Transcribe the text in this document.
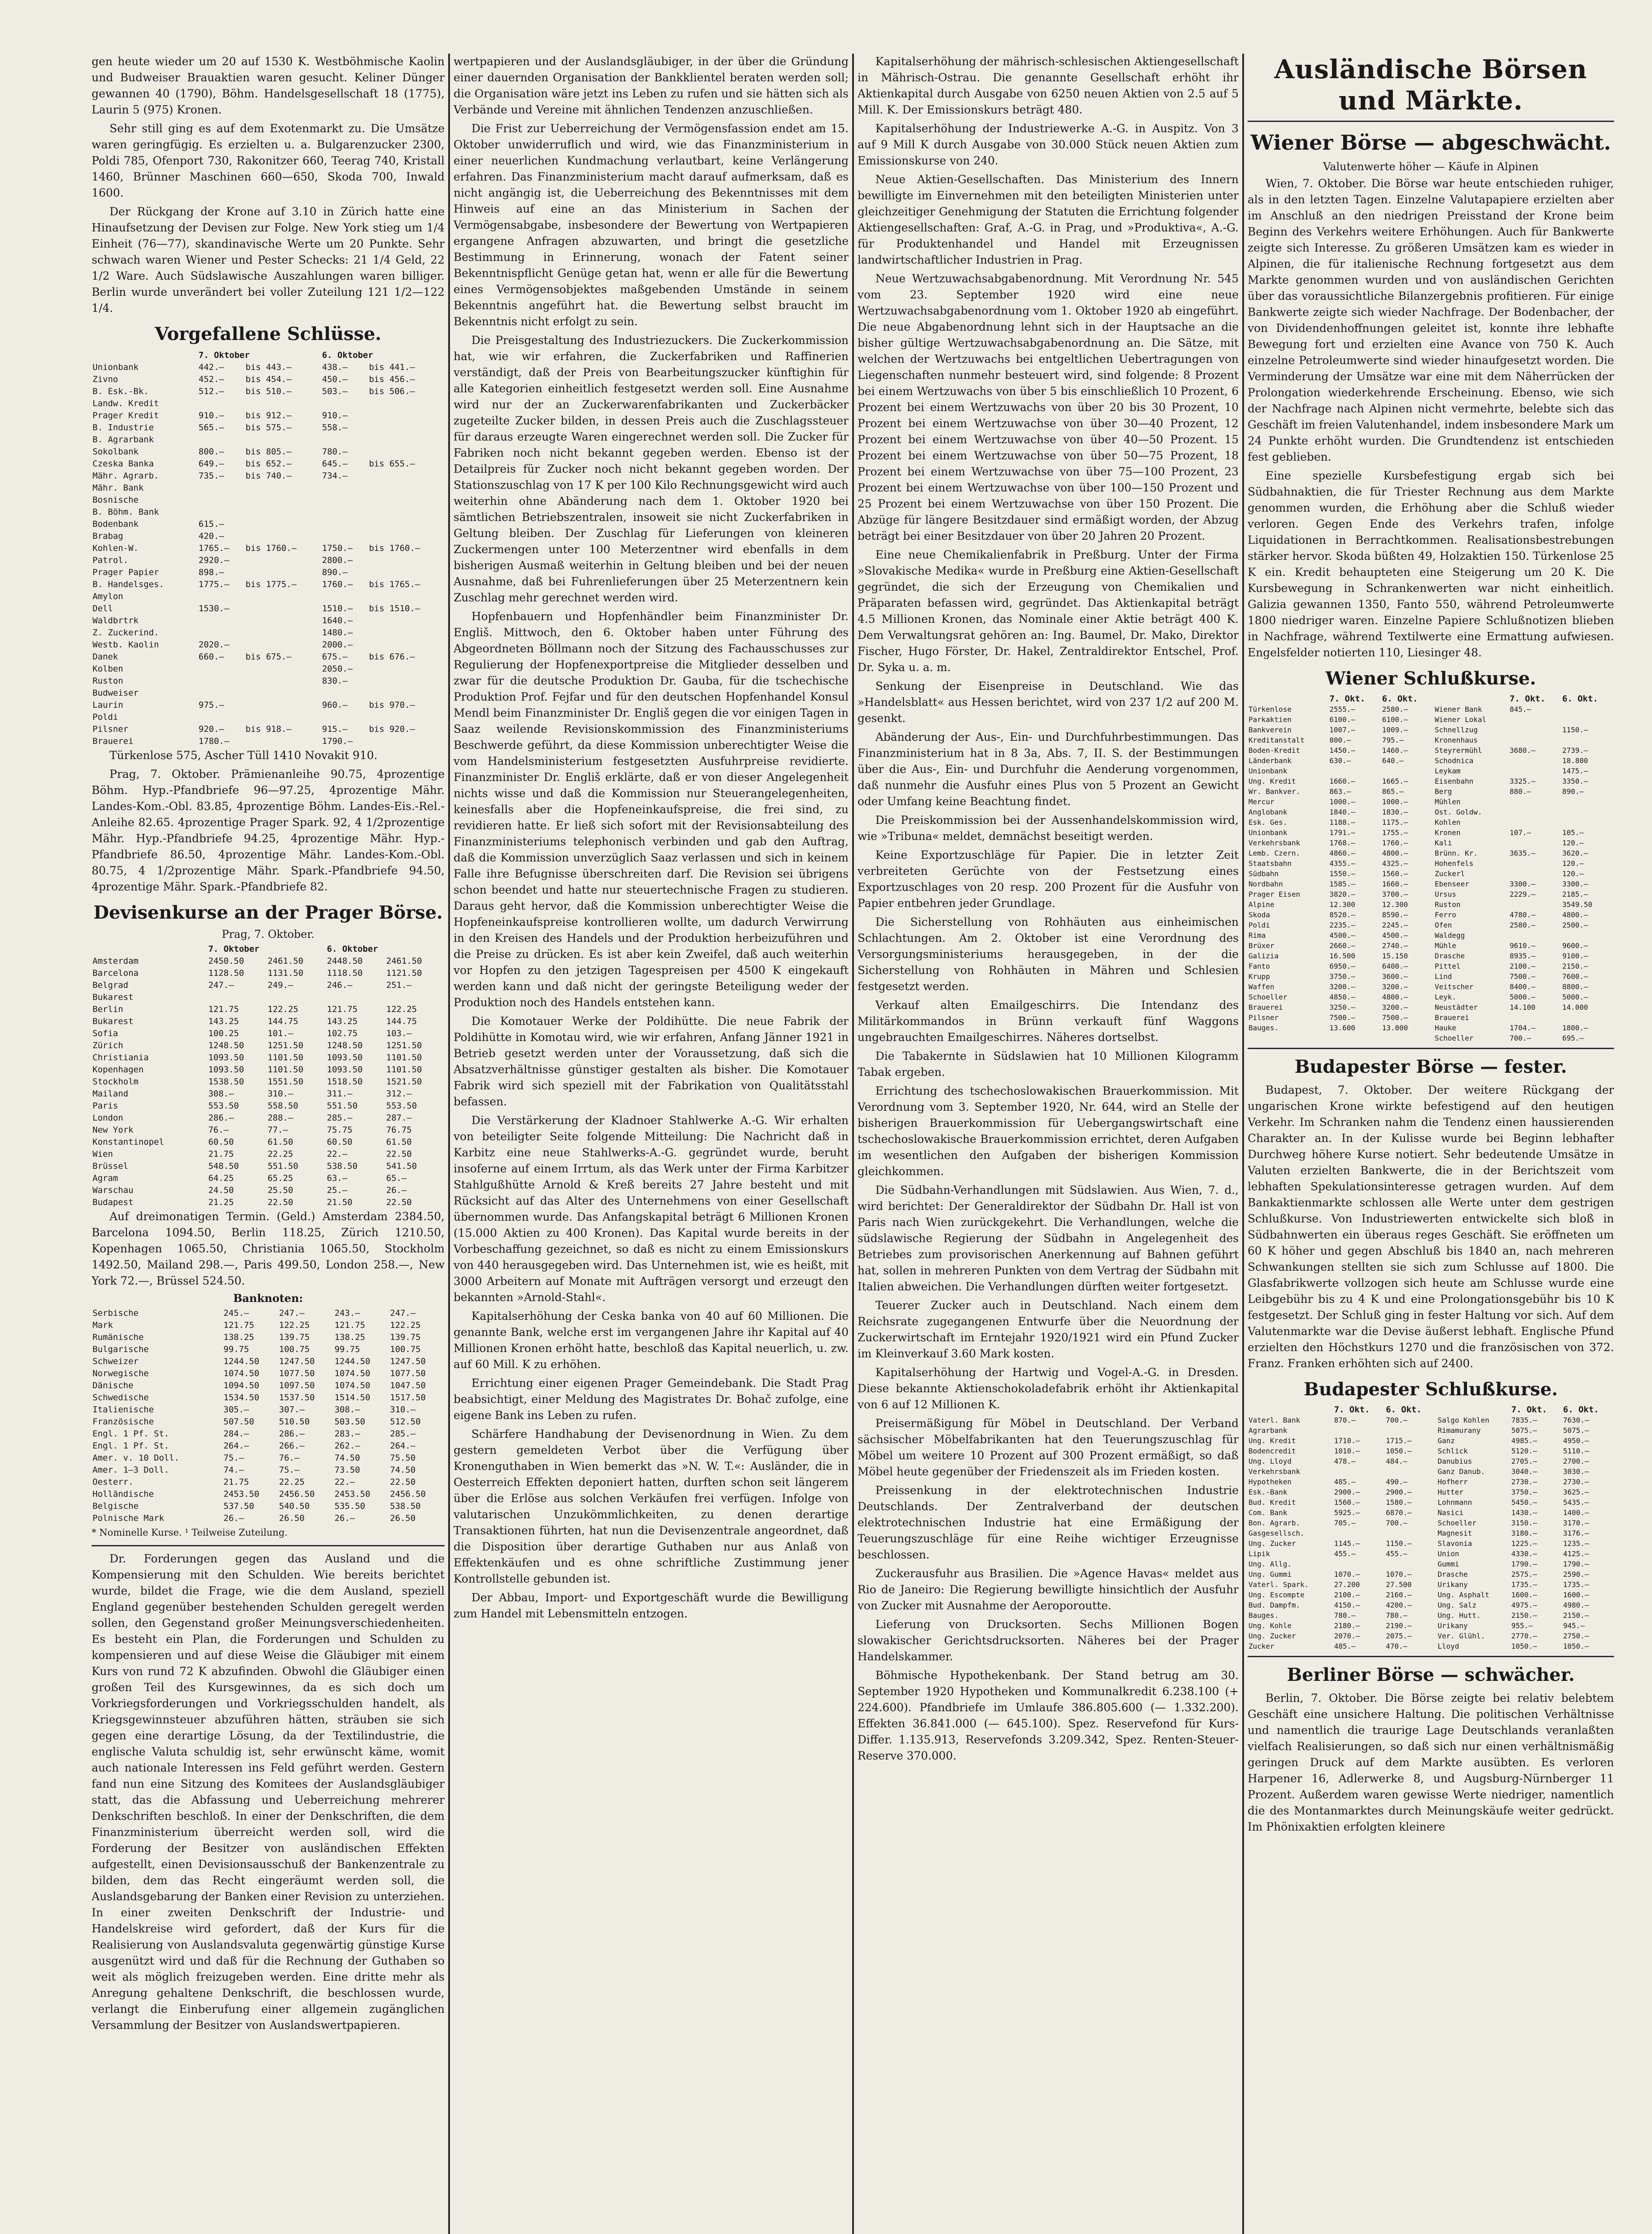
gen heute wieder um 20 auf 1530 K. Westböhmische Kaolin und Budweiser Brauaktien waren gesucht. Keliner Dünger gewannen 40 (1790), Böhm. Handelsgesellschaft 18 (1775), Laurin 5 (975) Kronen.

Sehr still ging es auf dem Exotenmarkt zu. Die Umsätze waren geringfügig. Es erzielten u. a. Bulgarenzucker 2300, Poldi 785, Ofenport 730, Rakonitzer 660, Teerag 740, Kristall 1460, Brünner Maschinen 660—650, Skoda 700, Inwald 1600.

Der Rückgang der Krone auf 3.10 in Zürich hatte eine Hinaufsetzung der Devisen zur Folge. New York stieg um 1/4 Einheit (76—77), skandinavische Werte um 20 Punkte. Sehr schwach waren Wiener und Pester Schecks: 21 1/4 Geld, 22 1/2 Ware. Auch Südslawische Auszahlungen waren billiger. Berlin wurde unverändert bei voller Zuteilung 121 1/2—122 1/4.

Vorgefallene Schlüsse.
	7. Oktober		6. Oktober	
Unionbank	442.—	bis 443.—	438.—	bis 441.—
Zivno	452.—	bis 454.—	450.—	bis 456.—
B. Esk.-Bk.	512.—	bis 510.—	503.—	bis 506.—
Landw. Kredit				
Prager Kredit	910.—	bis 912.—	910.—	
B. Industrie	565.—	bis 575.—	558.—	
B. Agrarbank				
Sokolbank	800.—	bis 805.—	780.—	
Czeska Banka	649.—	bis 652.—	645.—	bis 655.—
Mähr. Agrarb.	735.—	bis 740.—	734.—	
Mähr. Bank				
Bosnische				
B. Böhm. Bank				
Bodenbank	615.—			
Brabag	420.—			
Kohlen-W.	1765.—	bis 1760.—	1750.—	bis 1760.—
Patrol.	2920.—		2800.—	
Prager Papier	898.—		890.—	
B. Handelsges.	1775.—	bis 1775.—	1760.—	bis 1765.—
Amylon				
Dell	1530.—		1510.—	bis 1510.—
Waldbrtrk			1640.—	
Z. Zuckerind.			1480.—	
Westb. Kaolin	2020.—		2000.—	
Danek	660.—	bis 675.—	675.—	bis 676.—
Kolben			2050.—	
Ruston			830.—	
Budweiser				
Laurin	975.—		960.—	bis 970.—
Poldi				
Pilsner	920.—	bis 918.—	915.—	bis 920.—
Brauerei	1780.—		1790.—	

Türkenlose 575, Ascher Tüll 1410 Novakit 910.

Prag, 7. Oktober. Prämienanleihe 90.75, 4prozentige Böhm. Hyp.-Pfandbriefe 96—97.25, 4prozentige Mähr. Landes-Kom.-Obl. 83.85, 4prozentige Böhm. Landes-Eis.-Rel.-Anleihe 82.65. 4prozentige Prager Spark. 92, 4 1/2prozentige Mähr. Hyp.-Pfandbriefe 94.25, 4prozentige Mähr. Hyp.-Pfandbriefe 86.50, 4prozentige Mähr. Landes-Kom.-Obl. 80.75, 4 1/2prozentige Mähr. Spark.-Pfandbriefe 94.50, 4prozentige Mähr. Spark.-Pfandbriefe 82.

Devisenkurse an der Prager Börse.
Prag, 7. Oktober.
	7. Oktober		6. Oktober	
Amsterdam	2450.50	2461.50	2448.50	2461.50
Barcelona	1128.50	1131.50	1118.50	1121.50
Belgrad	247.—	249.—	246.—	251.—
Bukarest				
Berlin	121.75	122.25	121.75	122.25
Bukarest	143.25	144.75	143.25	144.75
Sofia	100.25	101.—	102.75	103.—
Zürich	1248.50	1251.50	1248.50	1251.50
Christiania	1093.50	1101.50	1093.50	1101.50
Kopenhagen	1093.50	1101.50	1093.50	1101.50
Stockholm	1538.50	1551.50	1518.50	1521.50
Mailand	308.—	310.—	311.—	312.—
Paris	553.50	558.50	551.50	553.50
London	286.—	288.—	285.—	287.—
New York	76.—	77.—	75.75	76.75
Konstantinopel	60.50	61.50	60.50	61.50
Wien	21.75	22.25	22.—	22.50
Brüssel	548.50	551.50	538.50	541.50
Agram	64.25	65.25	63.—	65.—
Warschau	24.50	25.50	25.—	26.—
Budapest	21.25	22.50	21.50	22.50

Auf dreimonatigen Termin. (Geld.) Amsterdam 2384.50, Barcelona 1094.50, Berlin 118.25, Zürich 1210.50, Kopenhagen 1065.50, Christiania 1065.50, Stockholm 1492.50, Mailand 298.—, Paris 499.50, London 258.—, New York 72.—, Brüssel 524.50.

Banknoten:
Serbische	245.—	247.—	243.—	247.—
Mark	121.75	122.25	121.75	122.25
Rumänische	138.25	139.75	138.25	139.75
Bulgarische	99.75	100.75	99.75	100.75
Schweizer	1244.50	1247.50	1244.50	1247.50
Norwegische	1074.50	1077.50	1074.50	1077.50
Dänische	1094.50	1097.50	1074.50	1047.50
Schwedische	1534.50	1537.50	1514.50	1517.50
Italienische	305.—	307.—	308.—	310.—
Französische	507.50	510.50	503.50	512.50
Engl. 1 Pf. St.	284.—	286.—	283.—	285.—
Engl. 1 Pf. St.	264.—	266.—	262.—	264.—
Amer. v. 10 Doll.	75.—	76.—	74.50	75.50
Amer. 1—3 Doll.	74.—	75.—	73.50	74.50
Oesterr.	21.75	22.25	22.—	22.50
Holländische	2453.50	2456.50	2453.50	2456.50
Belgische	537.50	540.50	535.50	538.50
Polnische Mark	26.—	26.50	26.—	26.50

* Nominelle Kurse. ¹ Teilweise Zuteilung.

Dr. Forderungen gegen das Ausland und die Kompensierung mit den Schulden. Wie bereits berichtet wurde, bildet die Frage, wie die dem Ausland, speziell England gegenüber bestehenden Schulden geregelt werden sollen, den Gegenstand großer Meinungsverschiedenheiten. Es besteht ein Plan, die Forderungen und Schulden zu kompensieren und auf diese Weise die Gläubiger mit einem Kurs von rund 72 K abzufinden. Obwohl die Gläubiger einen großen Teil des Kursgewinnes, da es sich doch um Vorkriegsforderungen und Vorkriegsschulden handelt, als Kriegsgewinnsteuer abzuführen hätten, sträuben sie sich gegen eine derartige Lösung, da der Textilindustrie, die englische Valuta schuldig ist, sehr erwünscht käme, womit auch nationale Interessen ins Feld geführt werden. Gestern fand nun eine Sitzung des Komitees der Auslandsgläubiger statt, das die Abfassung und Ueberreichung mehrerer Denkschriften beschloß. In einer der Denkschriften, die dem Finanzministerium überreicht werden soll, wird die Forderung der Besitzer von ausländischen Effekten aufgestellt, einen Devisionsausschuß der Bankenzentrale zu bilden, dem das Recht eingeräumt werden soll, die Auslandsgebarung der Banken einer Revision zu unterziehen. In einer zweiten Denkschrift der Industrie- und Handelskreise wird gefordert, daß der Kurs für die Realisierung von Auslandsvaluta gegenwärtig günstige Kurse ausgenützt wird und daß für die Rechnung der Guthaben so weit als möglich freizugeben werden. Eine dritte mehr als Anregung gehaltene Denkschrift, die beschlossen wurde, verlangt die Einberufung einer allgemein zugänglichen Versammlung der Besitzer von Auslandswertpapieren.

wertpapieren und der Auslandsgläubiger, in der über die Gründung einer dauernden Organisation der Bankklientel beraten werden soll; die Organisation wäre jetzt ins Leben zu rufen und sie hätten sich als Verbände und Vereine mit ähnlichen Tendenzen anzuschließen.

Die Frist zur Ueberreichung der Vermögensfassion endet am 15. Oktober unwiderruflich und wird, wie das Finanzministerium in einer neuerlichen Kundmachung verlautbart, keine Verlängerung erfahren. Das Finanzministerium macht darauf aufmerksam, daß es nicht angängig ist, die Ueberreichung des Bekenntnisses mit dem Hinweis auf eine an das Ministerium in Sachen der Vermögensabgabe, insbesondere der Bewertung von Wertpapieren ergangene Anfragen abzuwarten, und bringt die gesetzliche Bestimmung in Erinnerung, wonach der Fatent seiner Bekenntnispflicht Genüge getan hat, wenn er alle für die Bewertung eines Vermögensobjektes maßgebenden Umstände in seinem Bekenntnis angeführt hat. die Bewertung selbst braucht im Bekenntnis nicht erfolgt zu sein.

Die Preisgestaltung des Industriezuckers. Die Zuckerkommission hat, wie wir erfahren, die Zuckerfabriken und Raffinerien verständigt, daß der Preis von Bearbeitungszucker künftighin für alle Kategorien einheitlich festgesetzt werden soll. Eine Ausnahme wird nur der an Zuckerwarenfabrikanten und Zuckerbäcker zugeteilte Zucker bilden, in dessen Preis auch die Zuschlagssteuer für daraus erzeugte Waren eingerechnet werden soll. Die Zucker für Fabriken noch nicht bekannt gegeben werden. Ebenso ist der Detailpreis für Zucker noch nicht bekannt gegeben worden. Der Stationszuschlag von 17 K per 100 Kilo Rechnungsgewicht wird auch weiterhin ohne Abänderung nach dem 1. Oktober 1920 bei sämtlichen Betriebszentralen, insoweit sie nicht Zuckerfabriken in Geltung bleiben. Der Zuschlag für Lieferungen von kleineren Zuckermengen unter 100 Meterzentner wird ebenfalls in dem bisherigen Ausmaß weiterhin in Geltung bleiben und bei der neuen Ausnahme, daß bei Fuhrenlieferungen über 25 Meterzentnern kein Zuschlag mehr gerechnet werden wird.

Hopfenbauern und Hopfenhändler beim Finanzminister Dr. Engliš. Mittwoch, den 6. Oktober haben unter Führung des Abgeordneten Böllmann noch der Sitzung des Fachausschusses zur Regulierung der Hopfenexportpreise die Mitglieder desselben und zwar für die deutsche Produktion Dr. Gauba, für die tschechische Produktion Prof. Fejfar und für den deutschen Hopfenhandel Konsul Mendl beim Finanzminister Dr. Engliš gegen die vor einigen Tagen in Saaz weilende Revisionskommission des Finanzministeriums Beschwerde geführt, da diese Kommission unberechtigter Weise die vom Handelsministerium festgesetzten Ausfuhrpreise revidierte. Finanzminister Dr. Engliš erklärte, daß er von dieser Angelegenheit nichts wisse und daß die Kommission nur Steuerangelegenheiten, keinesfalls aber die Hopfeneinkaufspreise, die frei sind, zu revidieren hatte. Er ließ sich sofort mit der Revisionsabteilung des Finanzministeriums telephonisch verbinden und gab den Auftrag, daß die Kommission unverzüglich Saaz verlassen und sich in keinem Falle ihre Befugnisse überschreiten darf. Die Revision sei übrigens schon beendet und hatte nur steuertechnische Fragen zu studieren. Daraus geht hervor, daß die Kommission unberechtigter Weise die Hopfeneinkaufspreise kontrollieren wollte, um dadurch Verwirrung in den Kreisen des Handels und der Produktion herbeizuführen und die Preise zu drücken. Es ist aber kein Zweifel, daß auch weiterhin vor Hopfen zu den jetzigen Tagespreisen per 4500 K eingekauft werden kann und daß nicht der geringste Beteiligung weder der Produktion noch des Handels entstehen kann.

Die Komotauer Werke der Poldihütte. Die neue Fabrik der Poldihütte in Komotau wird, wie wir erfahren, Anfang Jänner 1921 in Betrieb gesetzt werden unter der Voraussetzung, daß sich die Absatzverhältnisse günstiger gestalten als bisher. Die Komotauer Fabrik wird sich speziell mit der Fabrikation von Qualitätsstahl befassen.

Die Verstärkerung der Kladnoer Stahlwerke A.-G. Wir erhalten von beteiligter Seite folgende Mitteilung: Die Nachricht daß in Karbitz eine neue Stahlwerks-A.-G. gegründet wurde, beruht insoferne auf einem Irrtum, als das Werk unter der Firma Karbitzer Stahlgußhütte Arnold & Kreß bereits 27 Jahre besteht und mit Rücksicht auf das Alter des Unternehmens von einer Gesellschaft übernommen wurde. Das Anfangskapital beträgt 6 Millionen Kronen (15.000 Aktien zu 400 Kronen). Das Kapital wurde bereits in der Vorbeschaffung gezeichnet, so daß es nicht zu einem Emissionskurs von 440 herausgegeben wird. Das Unternehmen ist, wie es heißt, mit 3000 Arbeitern auf Monate mit Aufträgen versorgt und erzeugt den bekannten »Arnold-Stahl«.

Kapitalserhöhung der Ceska banka von 40 auf 60 Millionen. Die genannte Bank, welche erst im vergangenen Jahre ihr Kapital auf 40 Millionen Kronen erhöht hatte, beschloß das Kapital neuerlich, u. zw. auf 60 Mill. K zu erhöhen.

Errichtung einer eigenen Prager Gemeindebank. Die Stadt Prag beabsichtigt, einer Meldung des Magistrates Dr. Bohač zufolge, eine eigene Bank ins Leben zu rufen.

Schärfere Handhabung der Devisenordnung in Wien. Zu dem gestern gemeldeten Verbot über die Verfügung über Kronenguthaben in Wien bemerkt das »N. W. T.«: Ausländer, die in Oesterreich Effekten deponiert hatten, durften schon seit längerem über die Erlöse aus solchen Verkäufen frei verfügen. Infolge von valutarischen Unzukömmlichkeiten, zu denen derartige Transaktionen führten, hat nun die Devisenzentrale angeordnet, daß die Disposition über derartige Guthaben nur aus Anlaß von Effektenkäufen und es ohne schriftliche Zustimmung jener Kontrollstelle gebunden ist.

Der Abbau, Import- und Exportgeschäft wurde die Bewilligung zum Handel mit Lebensmitteln entzogen.

Kapitalserhöhung der mährisch-schlesischen Aktiengesellschaft in Mährisch-Ostrau. Die genannte Gesellschaft erhöht ihr Aktienkapital durch Ausgabe von 6250 neuen Aktien von 2.5 auf 5 Mill. K. Der Emissionskurs beträgt 480.

Kapitalserhöhung der Industriewerke A.-G. in Auspitz. Von 3 auf 9 Mill K durch Ausgabe von 30.000 Stück neuen Aktien zum Emissionskurse von 240.

Neue Aktien-Gesellschaften. Das Ministerium des Innern bewilligte im Einvernehmen mit den beteiligten Ministerien unter gleichzeitiger Genehmigung der Statuten die Errichtung folgender Aktiengesellschaften: Graf, A.-G. in Prag, und »Produktiva«, A.-G. für Produktenhandel und Handel mit Erzeugnissen landwirtschaftlicher Industrien in Prag.

Neue Wertzuwachsabgabenordnung. Mit Verordnung Nr. 545 vom 23. September 1920 wird eine neue Wertzuwachsabgabenordnung vom 1. Oktober 1920 ab eingeführt. Die neue Abgabenordnung lehnt sich in der Hauptsache an die bisher gültige Wertzuwachsabgabenordnung an. Die Sätze, mit welchen der Wertzuwachs bei entgeltlichen Uebertragungen von Liegenschaften nunmehr besteuert wird, sind folgende: 8 Prozent bei einem Wertzuwachs von über 5 bis einschließlich 10 Prozent, 6 Prozent bei einem Wertzuwachs von über 20 bis 30 Prozent, 10 Prozent bei einem Wertzuwachse von über 30—40 Prozent, 12 Prozent bei einem Wertzuwachse von über 40—50 Prozent. 15 Prozent bei einem Wertzuwachse von über 50—75 Prozent, 18 Prozent bei einem Wertzuwachse von über 75—100 Prozent, 23 Prozent bei einem Wertzuwachse von über 100—150 Prozent und 25 Prozent bei einem Wertzuwachse von über 150 Prozent. Die Abzüge für längere Besitzdauer sind ermäßigt worden, der Abzug beträgt bei einer Besitzdauer von über 20 Jahren 20 Prozent.

Eine neue Chemikalienfabrik in Preßburg. Unter der Firma »Slovakische Medika« wurde in Preßburg eine Aktien-Gesellschaft gegründet, die sich der Erzeugung von Chemikalien und Präparaten befassen wird, gegründet. Das Aktienkapital beträgt 4.5 Millionen Kronen, das Nominale einer Aktie beträgt 400 K. Dem Verwaltungsrat gehören an: Ing. Baumel, Dr. Mako, Direktor Fischer, Hugo Förster, Dr. Hakel, Zentraldirektor Entschel, Prof. Dr. Syka u. a. m.

Senkung der Eisenpreise in Deutschland. Wie das »Handelsblatt« aus Hessen berichtet, wird von 237 1/2 auf 200 M. gesenkt.

Abänderung der Aus-, Ein- und Durchfuhrbestimmungen. Das Finanzministerium hat in 8 3a, Abs. 7, II. S. der Bestimmungen über die Aus-, Ein- und Durchfuhr die Aenderung vorgenommen, daß nunmehr die Ausfuhr eines Plus von 5 Prozent an Gewicht oder Umfang keine Beachtung findet.

Die Preiskommission bei der Aussenhandelskommission wird, wie »Tribuna« meldet, demnächst beseitigt werden.

Keine Exportzuschläge für Papier. Die in letzter Zeit verbreiteten Gerüchte von der Festsetzung eines Exportzuschlages von 20 resp. 200 Prozent für die Ausfuhr von Papier entbehren jeder Grundlage.

Die Sicherstellung von Rohhäuten aus einheimischen Schlachtungen. Am 2. Oktober ist eine Verordnung des Versorgungsministeriums herausgegeben, in der die Sicherstellung von Rohhäuten in Mähren und Schlesien festgesetzt werden.

Verkauf alten Emailgeschirrs. Die Intendanz des Militärkommandos in Brünn verkauft fünf Waggons ungebrauchten Emailgeschirres. Näheres dortselbst.

Die Tabakernte in Südslawien hat 10 Millionen Kilogramm Tabak ergeben.

Errichtung des tschechoslowakischen Brauerkommission. Mit Verordnung vom 3. September 1920, Nr. 644, wird an Stelle der bisherigen Brauerkommission für Uebergangswirtschaft eine tschechoslowakische Brauerkommission errichtet, deren Aufgaben im wesentlichen den Aufgaben der bisherigen Kommission gleichkommen.

Die Südbahn-Verhandlungen mit Südslawien. Aus Wien, 7. d., wird berichtet: Der Generaldirektor der Südbahn Dr. Hall ist von Paris nach Wien zurückgekehrt. Die Verhandlungen, welche die südslawische Regierung der Südbahn in Angelegenheit des Betriebes zum provisorischen Anerkennung auf Bahnen geführt hat, sollen in mehreren Punkten von dem Vertrag der Südbahn mit Italien abweichen. Die Verhandlungen dürften weiter fortgesetzt.

Teuerer Zucker auch in Deutschland. Nach einem dem Reichsrate zugegangenen Entwurfe über die Neuordnung der Zuckerwirtschaft im Erntejahr 1920/1921 wird ein Pfund Zucker im Kleinverkauf 3.60 Mark kosten.

Kapitalserhöhung der Hartwig und Vogel-A.-G. in Dresden. Diese bekannte Aktienschokoladefabrik erhöht ihr Aktienkapital von 6 auf 12 Millionen K.

Preisermäßigung für Möbel in Deutschland. Der Verband sächsischer Möbelfabrikanten hat den Teuerungszuschlag für Möbel um weitere 10 Prozent auf 300 Prozent ermäßigt, so daß Möbel heute gegenüber der Friedenszeit als im Frieden kosten.

Preissenkung in der elektrotechnischen Industrie Deutschlands. Der Zentralverband der deutschen elektrotechnischen Industrie hat eine Ermäßigung der Teuerungszuschläge für eine Reihe wichtiger Erzeugnisse beschlossen.

Zuckerausfuhr aus Brasilien. Die »Agence Havas« meldet aus Rio de Janeiro: Die Regierung bewilligte hinsichtlich der Ausfuhr von Zucker mit Ausnahme der Aeroporoutte.

Lieferung von Drucksorten. Sechs Millionen Bogen slowakischer Gerichtsdrucksorten. Näheres bei der Prager Handelskammer.

Böhmische Hypothekenbank. Der Stand betrug am 30. September 1920 Hypotheken und Kommunalkredit 6.238.100 (+ 224.600). Pfandbriefe im Umlaufe 386.805.600 (— 1.332.200). Effekten 36.841.000 (— 645.100). Spez. Reservefond für Kurs-Differ. 1.135.913, Reservefonds 3.209.342, Spez. Renten-Steuer-Reserve 370.000.

Ausländische Börsen und Märkte.
Wiener Börse — abgeschwächt.
Valutenwerte höher — Käufe in Alpinen

Wien, 7. Oktober. Die Börse war heute entschieden ruhiger, als in den letzten Tagen. Einzelne Valutapapiere erzielten aber im Anschluß an den niedrigen Preisstand der Krone beim Beginn des Verkehrs weitere Erhöhungen. Auch für Bankwerte zeigte sich Interesse. Zu größeren Umsätzen kam es wieder in Alpinen, die für italienische Rechnung fortgesetzt aus dem Markte genommen wurden und von ausländischen Gerichten über das voraussichtliche Bilanzergebnis profitieren. Für einige Bankwerte zeigte sich wieder Nachfrage. Der Bodenbacher, der von Dividendenhoffnungen geleitet ist, konnte ihre lebhafte Bewegung fort und erzielten eine Avance von 750 K. Auch einzelne Petroleumwerte sind wieder hinaufgesetzt worden. Die Verminderung der Umsätze war eine mit dem Näherrücken der Prolongation wiederkehrende Erscheinung. Ebenso, wie sich der Nachfrage nach Alpinen nicht vermehrte, belebte sich das Geschäft im freien Valutenhandel, indem insbesondere Mark um 24 Punkte erhöht wurden. Die Grundtendenz ist entschieden fest geblieben.

Eine spezielle Kursbefestigung ergab sich bei Südbahnaktien, die für Triester Rechnung aus dem Markte genommen wurden, die Erhöhung aber die Schluß wieder verloren. Gegen Ende des Verkehrs trafen, infolge Liquidationen in Berrachtkommen. Realisationsbestrebungen stärker hervor. Skoda büßten 49, Holzaktien 150. Türkenlose 25 K ein. Kredit behaupteten eine Steigerung um 20 K. Die Kursbewegung in Schrankenwerten war nicht einheitlich. Galizia gewannen 1350, Fanto 550, während Petroleumwerte 1800 niedriger waren. Einzelne Papiere Schlußnotizen blieben in Nachfrage, während Textilwerte eine Ermattung aufwiesen. Engelsfelder notierten 110, Liesinger 48.

Wiener Schlußkurse.
	7. Okt.	6. Okt.		7. Okt.	6. Okt.
Türkenlose	2555.—	2580.—	Wiener Bank	845.—	
Parkaktien	6100.—	6100.—	Wiener Lokal		
Bankverein	1007.—	1009.—	Schnellzug		1150.—
Kreditanstalt	800.—	795.—	Kronenhaus		
Boden-Kredit	1450.—	1460.—	Steyrermühl	3680.—	2739.—
Länderbank	630.—	640.—	Schodnica		18.800
Unionbank			Leykam		1475.—
Ung. Kredit	1660.—	1665.—	Eisenbahn	3325.—	3350.—
Wr. Bankver.	863.—	865.—	Berg	880.—	890.—
Mercur	1000.—	1000.—	Mühlen		
Anglobank	1840.—	1830.—	Ost. Goldw.		
Esk. Ges.	1188.—	1175.—	Kohlen		
Unionbank	1791.—	1755.—	Kronen	107.—	105.—
Verkehrsbank	1768.—	1760.—	Kali		120.—
Lemb. Czern.	4860.—	4800.—	Brünn. Kr.	3635.—	3620.—
Staatsbahn	4355.—	4325.—	Hohenfels		120.—
Südbahn	1550.—	1560.—	Zuckerl		120.—
Nordbahn	1585.—	1660.—	Ebenseer	3300.—	3300.—
Prager Eisen	3820.—	3700.—	Ursus	2229.—	2185.—
Alpine	12.300	12.300	Ruston		3549.50
Skoda	8520.—	8590.—	Ferro	4780.—	4800.—
Poldi	2235.—	2245.—	Ofen	2580.—	2500.—
Rima	4500.—	4500.—	Waldegg		
Brüxer	2660.—	2740.—	Mühle	9610.—	9600.—
Galizia	16.500	15.150	Drasche	8935.—	9100.—
Fanto	6950.—	6400.—	Pittel	2100.—	2150.—
Krupp	3750.—	3600.—	Lind	7500.—	7600.—
Waffen	3200.—	3200.—	Veitscher	8400.—	8800.—
Schoeller	4850.—	4800.—	Leyk.	5000.—	5000.—
Brauerei	3250.—	3200.—	Neustädter	14.100	14.000
Pilsner	7500.—	7500.—	Brauerei		
Bauges.	13.600	13.000	Hauke	1704.—	1800.—
			Schoeller	700.—	695.—
Budapester Börse — fester.

Budapest, 7. Oktober. Der weitere Rückgang der ungarischen Krone wirkte befestigend auf den heutigen Verkehr. Im Schranken nahm die Tendenz einen haussierenden Charakter an. In der Kulisse wurde bei Beginn lebhafter Durchweg höhere Kurse notiert. Sehr bedeutende Umsätze in Valuten erzielten Bankwerte, die in der Berichtszeit vom lebhaften Spekulationsinteresse getragen wurden. Auf dem Bankaktienmarkte schlossen alle Werte unter dem gestrigen Schlußkurse. Von Industriewerten entwickelte sich bloß in Südbahnwerten ein überaus reges Geschäft. Sie eröffneten um 60 K höher und gegen Abschluß bis 1840 an, nach mehreren Schwankungen stellten sie sich zum Schlusse auf 1800. Die Glasfabrikwerte vollzogen sich heute am Schlusse wurde eine Leibgebühr bis zu 4 K und eine Prolongationsgebühr bis 10 K festgesetzt. Der Schluß ging in fester Haltung vor sich. Auf dem Valutenmarkte war die Devise äußerst lebhaft. Englische Pfund erzielten den Höchstkurs 1270 und die französischen von 372. Franz. Franken erhöhten sich auf 2400.

Budapester Schlußkurse.
	7. Okt.	6. Okt.		7. Okt.	6. Okt.
Vaterl. Bank	870.—	700.—	Salgo Kohlen	7835.—	7630.—
Agrarbank			Rimamurany	5075.—	5075.—
Ung. Kredit	1710.—	1715.—	Ganz	4985.—	4950.—
Bodencredit	1010.—	1050.—	Schlick	5120.—	5110.—
Ung. Lloyd	478.—	484.—	Danubius	2705.—	2700.—
Verkehrsbank			Ganz Danub.	3040.—	3030.—
Hypotheken	485.—	490.—	Hofherr	2730.—	2730.—
Esk.-Bank	2900.—	2900.—	Hutter	3750.—	3625.—
Bud. Kredit	1560.—	1580.—	Lohnmann	5450.—	5435.—
Com. Bank	5925.—	6870.—	Nasici	1430.—	1400.—
Bon. Agrarb.	705.—	700.—	Schoeller	3150.—	3170.—
Gasgesellsch.			Magnesit	3180.—	3176.—
Ung. Zucker	1145.—	1150.—	Slavonia	1225.—	1235.—
Lipik	455.—	455.—	Union	4330.—	4125.—
Ung. Allg.			Gummi	1790.—	1790.—
Ung. Gummi	1070.—	1070.—	Drasche	2575.—	2590.—
Vaterl. Spark.	27.200	27.500	Urikany	1735.—	1735.—
Ung. Escompte	2100.—	2160.—	Ung. Asphalt	1600.—	1600.—
Bud. Dampfm.	4150.—	4200.—	Ung. Salz	4975.—	4980.—
Bauges.	780.—	780.—	Ung. Hutt.	2150.—	2150.—
Ung. Kohle	2180.—	2190.—	Urikany	955.—	945.—
Ung. Zucker	2070.—	2075.—	Ver. Glühl.	2770.—	2750.—
Zucker	485.—	470.—	Lloyd	1050.—	1050.—
Berliner Börse — schwächer.

Berlin, 7. Oktober. Die Börse zeigte bei relativ belebtem Geschäft eine unsichere Haltung. Die politischen Verhältnisse und namentlich die traurige Lage Deutschlands veranlaßten vielfach Realisierungen, so daß sich nur einen verhältnismäßig geringen Druck auf dem Markte ausübten. Es verloren Harpener 16, Adlerwerke 8, und Augsburg-Nürnberger 11 Prozent. Außerdem waren gewisse Werte niedriger, namentlich die des Montanmarktes durch Meinungskäufe weiter gedrückt. Im Phönixaktien erfolgten kleinere
